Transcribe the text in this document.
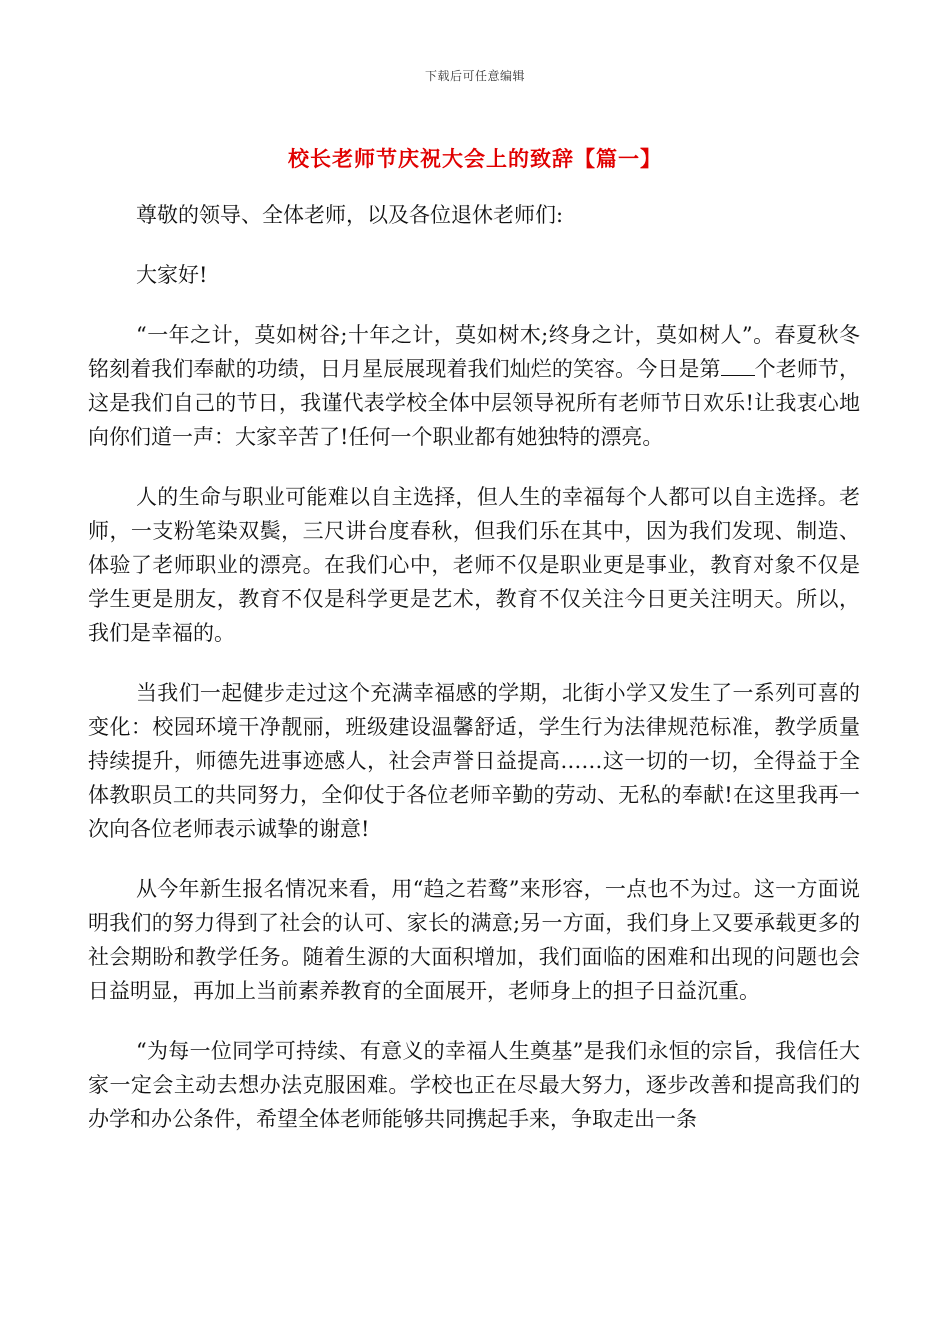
下载后可任意编辑
校长老师节庆祝大会上的致辞【篇一】

尊敬的领导、全体老师，以及各位退休老师们:

大家好!

“一年之计，莫如树谷;十年之计，莫如树木;终身之计，莫如树人”。春夏秋冬铭刻着我们奉献的功绩，日月星辰展现着我们灿烂的笑容。今日是第 个老师节，这是我们自己的节日，我谨代表学校全体中层领导祝所有老师节日欢乐!让我衷心地向你们道一声：大家辛苦了!任何一个职业都有她独特的漂亮。

人的生命与职业可能难以自主选择，但人生的幸福每个人都可以自主选择。老师，一支粉笔染双鬓，三尺讲台度春秋，但我们乐在其中，因为我们发现、制造、体验了老师职业的漂亮。在我们心中，老师不仅是职业更是事业，教育对象不仅是学生更是朋友，教育不仅是科学更是艺术，教育不仅关注今日更关注明天。所以，我们是幸福的。

当我们一起健步走过这个充满幸福感的学期，北街小学又发生了一系列可喜的变化：校园环境干净靓丽，班级建设温馨舒适，学生行为法律规范标准，教学质量持续提升，师德先进事迹感人，社会声誉日益提高……这一切的一切，全得益于全体教职员工的共同努力，全仰仗于各位老师辛勤的劳动、无私的奉献!在这里我再一次向各位老师表示诚挚的谢意!

从今年新生报名情况来看，用“趋之若鹜”来形容，一点也不为过。这一方面说明我们的努力得到了社会的认可、家长的满意;另一方面，我们身上又要承载更多的社会期盼和教学任务。随着生源的大面积增加，我们面临的困难和出现的问题也会日益明显，再加上当前素养教育的全面展开，老师身上的担子日益沉重。

“为每一位同学可持续、有意义的幸福人生奠基”是我们永恒的宗旨，我信任大家一定会主动去想办法克服困难。学校也正在尽最大努力，逐步改善和提高我们的办学和办公条件，希望全体老师能够共同携起手来，争取走出一条
